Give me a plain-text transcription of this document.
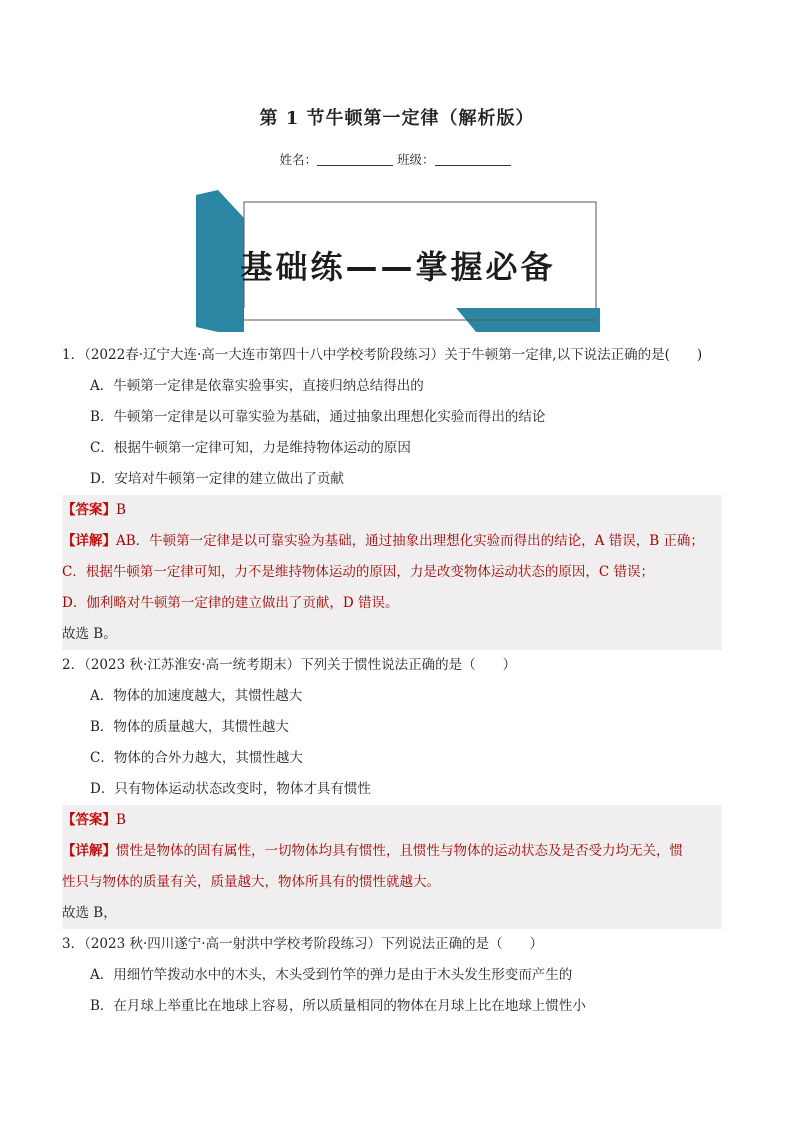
第 1 节牛顿第一定律（解析版）
姓名：	班级：
基础练——掌握必备
1．（2022春·辽宁大连·高一大连市第四十八中学校考阶段练习）关于牛顿第一定律,以下说法正确的是(　　)
A．牛顿第一定律是依靠实验事实，直接归纳总结得出的
B．牛顿第一定律是以可靠实验为基础，通过抽象出理想化实验而得出的结论
C．根据牛顿第一定律可知，力是维持物体运动的原因
D．安培对牛顿第一定律的建立做出了贡献
【答案】B
【详解】AB．牛顿第一定律是以可靠实验为基础，通过抽象出理想化实验而得出的结论，A 错误，B 正确；
C．根据牛顿第一定律可知，力不是维持物体运动的原因，力是改变物体运动状态的原因，C 错误；
D．伽利略对牛顿第一定律的建立做出了贡献，D 错误。
故选 B。
2．（2023 秋·江苏淮安·高一统考期末）下列关于惯性说法正确的是（　　）
A．物体的加速度越大，其惯性越大
B．物体的质量越大，其惯性越大
C．物体的合外力越大，其惯性越大
D．只有物体运动状态改变时，物体才具有惯性
【答案】B
【详解】惯性是物体的固有属性，一切物体均具有惯性，且惯性与物体的运动状态及是否受力均无关，惯
性只与物体的质量有关，质量越大，物体所具有的惯性就越大。
故选 B，
3．（2023 秋·四川遂宁·高一射洪中学校考阶段练习）下列说法正确的是（　　）
A．用细竹竿拨动水中的木头，木头受到竹竿的弹力是由于木头发生形变而产生的
B．在月球上举重比在地球上容易，所以质量相同的物体在月球上比在地球上惯性小
